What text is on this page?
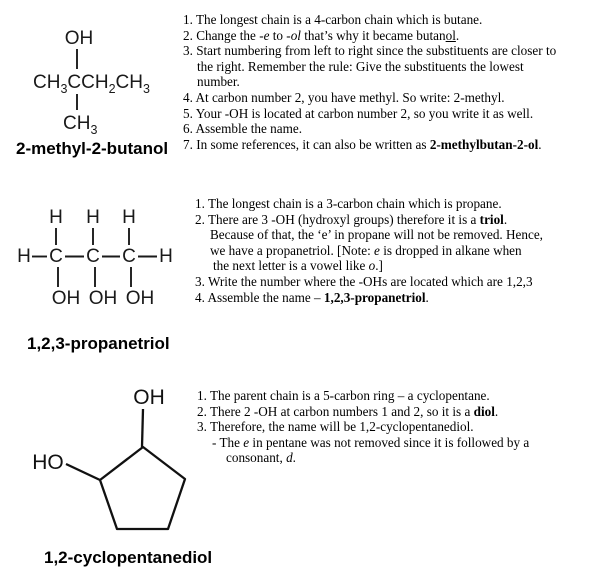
OH
$CH_3CCH_2CH_3$
$CH_3$
2-methyl-2-butanol
1. The longest chain is a 4-carbon chain which is butane.
2. Change the -e to -ol that’s why it became butanol.
3. Start numbering from left to right since the substituents are closer to
the right. Remember the rule: Give the substituents the lowest
number.
4. At carbon number 2, you have methyl. So write: 2-methyl.
5. Your -OH is located at carbon number 2, so you write it as well.
6. Assemble the name.
7. In some references, it can also be written as 2-methylbutan-2-ol.
H H H
H C C C H
OH OH OH
1,2,3-propanetriol
1. The longest chain is a 3-carbon chain which is propane.
2. There are 3 -OH (hydroxyl groups) therefore it is a triol.
Because of that, the ‘e’ in propane will not be removed. Hence,
we have a propanetriol. [Note: e is dropped in alkane when
the next letter is a vowel like o.]
3. Write the number where the -OHs are located which are 1,2,3
4. Assemble the name – 1,2,3-propanetriol.
OH
HO
1,2-cyclopentanediol
1. The parent chain is a 5-carbon ring – a cyclopentane.
2. There 2 -OH at carbon numbers 1 and 2, so it is a diol.
3. Therefore, the name will be 1,2-cyclopentanediol.
- The e in pentane was not removed since it is followed by a
consonant, d.
